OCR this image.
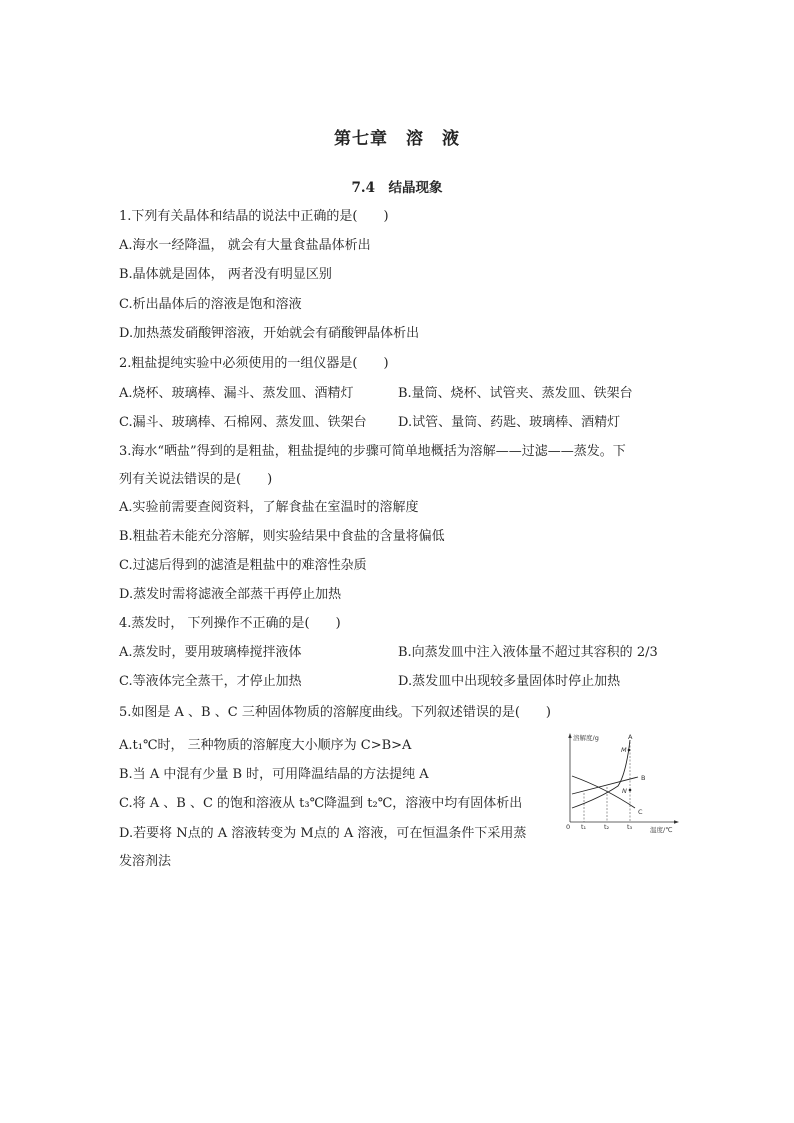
第七章　溶　液
7.4　结晶现象
1.下列有关晶体和结晶的说法中正确的是(　　)
A.海水一经降温， 就会有大量食盐晶体析出
B.晶体就是固体， 两者没有明显区别
C.析出晶体后的溶液是饱和溶液
D.加热蒸发硝酸钾溶液，开始就会有硝酸钾晶体析出
2.粗盐提纯实验中必须使用的一组仪器是(　　)
A.烧杯、玻璃棒、漏斗、蒸发皿、酒精灯	B.量筒、烧杯、试管夹、蒸发皿、铁架台
C.漏斗、玻璃棒、石棉网、蒸发皿、铁架台 D.试管、量筒、药匙、玻璃棒、酒精灯
3.海水“晒盐”得到的是粗盐，粗盐提纯的步骤可简单地概括为溶解——过滤——蒸发。下
列有关说法错误的是(　　)
A.实验前需要查阅资料，了解食盐在室温时的溶解度
B.粗盐若未能充分溶解，则实验结果中食盐的含量将偏低
C.过滤后得到的滤渣是粗盐中的难溶性杂质
D.蒸发时需将滤液全部蒸干再停止加热
4.蒸发时， 下列操作不正确的是(　　)
A.蒸发时，要用玻璃棒搅拌液体	B.向蒸发皿中注入液体量不超过其容积的 2/3
C.等液体完全蒸干，才停止加热	D.蒸发皿中出现较多量固体时停止加热
5.如图是 A 、B 、C 三种固体物质的溶解度曲线。下列叙述错误的是(　　)
A.t₁℃时， 三种物质的溶解度大小顺序为 C>B>A
B.当 A 中混有少量 B 时，可用降温结晶的方法提纯 A
C.将 A 、B 、C 的饱和溶液从 t₃℃降温到 t₂℃，溶液中均有固体析出
D.若要将 N点的 A 溶液转变为 M点的 A 溶液，可在恒温条件下采用蒸
发溶剂法
溶解度/g
温度/℃
0 t₁	t₂	t₃
A
B
C
M
N
